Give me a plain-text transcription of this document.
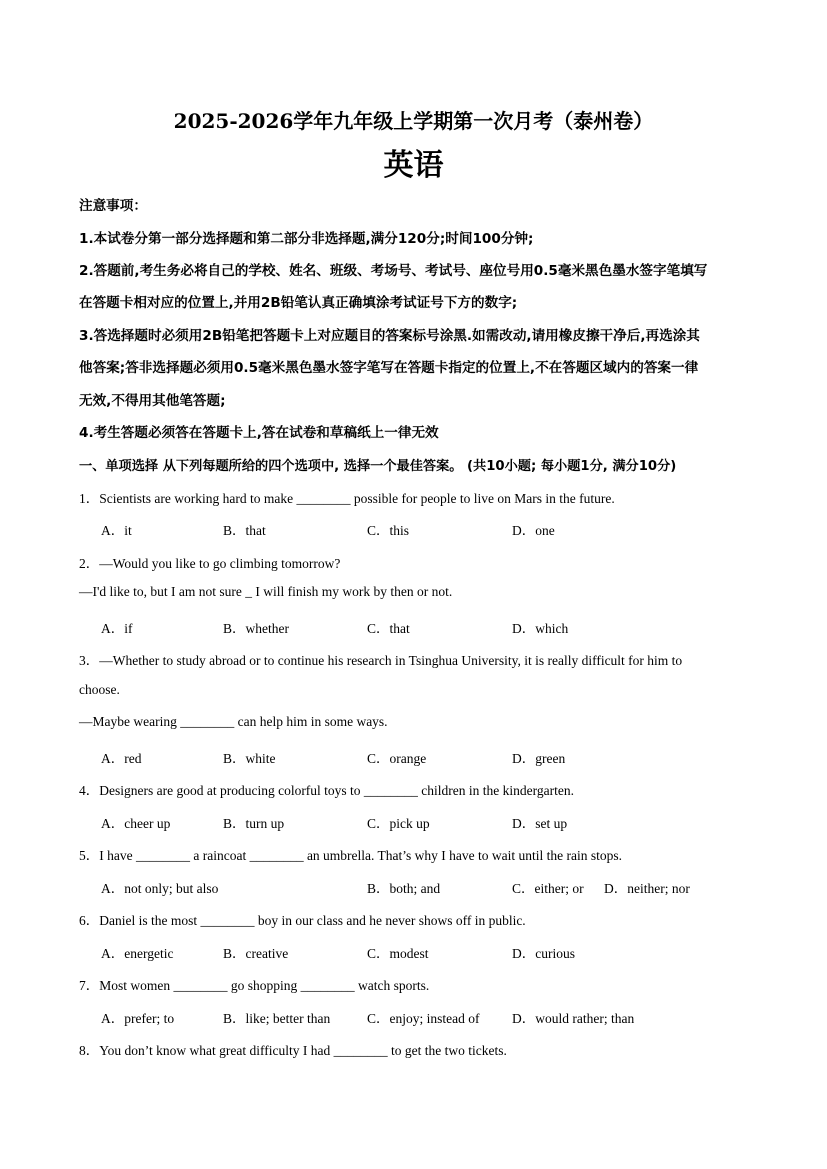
2025-2026学年九年级上学期第一次月考（泰州卷）
英语
注意事项：
1.本试卷分第一部分选择题和第二部分非选择题,满分120分;时间100分钟;
2.答题前,考生务必将自己的学校、姓名、班级、考场号、考试号、座位号用0.5毫米黑色墨水签字笔填写
在答题卡相对应的位置上,并用2B铅笔认真正确填涂考试证号下方的数字;
3.答选择题时必须用2B铅笔把答题卡上对应题目的答案标号涂黑.如需改动,请用橡皮擦干净后,再选涂其
他答案;答非选择题必须用0.5毫米黑色墨水签字笔写在答题卡指定的位置上,不在答题区域内的答案一律
无效,不得用其他笔答题;
4.考生答题必须答在答题卡上,答在试卷和草稿纸上一律无效
一、单项选择 从下列每题所给的四个选项中, 选择一个最佳答案。 (共10小题; 每小题1分, 满分10分)
1．Scientists are working hard to make ________ possible for people to live on Mars in the future.
A．it	B．that	C．this	D．one
2．—Would you like to go climbing tomorrow?
—I'd like to, but I am not sure _ I will finish my work by then or not.
A．if	B．whether	C．that	D．which
3．—Whether to study abroad or to continue his research in Tsinghua University, it is really difficult for him to
choose.
—Maybe wearing ________ can help him in some ways.
A．red	B．white	C．orange	D．green
4．Designers are good at producing colorful toys to ________ children in the kindergarten.
A．cheer up	B．turn up	C．pick up	D．set up
5．I have ________ a raincoat ________ an umbrella. That’s why I have to wait until the rain stops.
A．not only; but also	B．both; and	C．either; or D．neither; nor
6．Daniel is the most ________ boy in our class and he never shows off in public.
A．energetic	B．creative	C．modest	D．curious
7．Most women ________ go shopping ________ watch sports.
A．prefer; to	B．like; better than	C．enjoy; instead of D．would rather; than
8．You don’t know what great difficulty I had ________ to get the two tickets.
